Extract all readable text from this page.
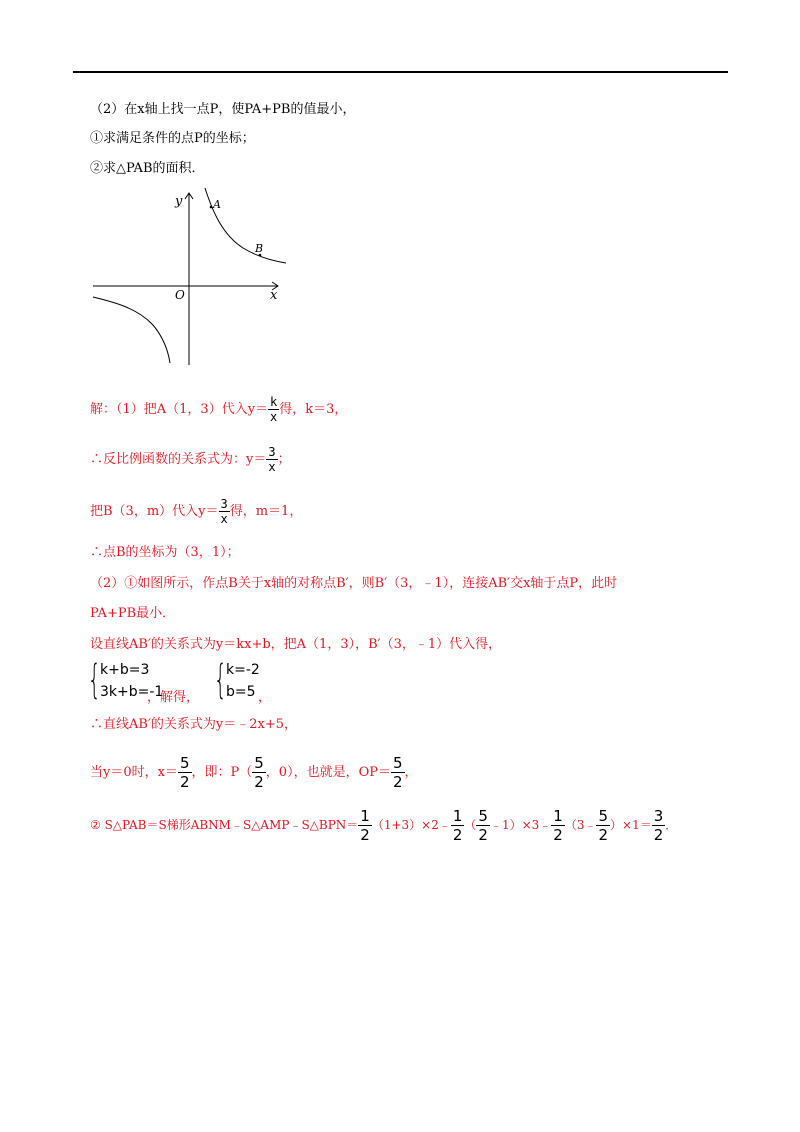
（2）在x轴上找一点P，使PA+PB的值最小，
①求满足条件的点P的坐标；
②求△PAB的面积．
y
x
O
A
B
解：（1）把A（1，3）代入$y= \frac{k}{x}$ 得，k＝3，
∴反比例函数的关系式为：$y= \frac{3}{x}$ ；
把B（3，m）代入$y= \frac{3}{x}$ 得，m＝1，
∴点B的坐标为（3，1）；
（2）①如图所示，作点B关于x轴的对称点B′，则B′（3，﹣1），连接AB′交x轴于点P，此时
PA+PB最小．
设直线AB′的关系式为y＝kx+b，把A（1，3），B′（3，﹣1）代入得，
{ k+b=3
3k+b=-1
，解得， { k=-2
b=5 ，
∴直线AB′的关系式为y＝﹣2x+5，
当y＝0时，$x= \frac{5}{2}$ ，即：$P( \frac{5}{2}$ ，0），也就是，$OP= \frac{5}{2}$ ，
② S△PAB＝S梯形ABNM﹣S△AMP﹣S△BPN＝ $\frac{1}{2}$ （1+3）×2﹣ $\frac{1}{2}$ （ $\frac{5}{2}$ ﹣1）×3﹣ $\frac{1}{2}$ （3﹣ $\frac{5}{2} )\times 1= \frac{3}{2}$ ．
